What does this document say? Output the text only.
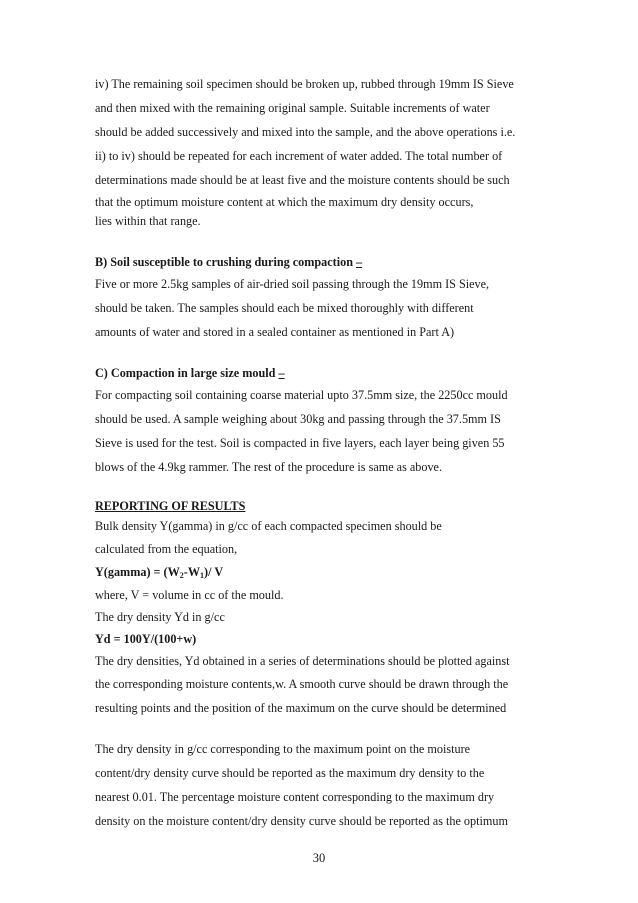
iv) The remaining soil specimen should be broken up, rubbed through 19mm IS Sieve
and then mixed with the remaining original sample. Suitable increments of water
should be added successively and mixed into the sample, and the above operations i.e.
ii) to iv) should be repeated for each increment of water added. The total number of
determinations made should be at least five and the moisture contents should be such
that the optimum moisture content at which the maximum dry density occurs,
lies within that range.
B) Soil susceptible to crushing during compaction –
Five or more 2.5kg samples of air-dried soil passing through the 19mm IS Sieve,
should be taken. The samples should each be mixed thoroughly with different
amounts of water and stored in a sealed container as mentioned in Part A)
C) Compaction in large size mould –
For compacting soil containing coarse material upto 37.5mm size, the 2250cc mould
should be used. A sample weighing about 30kg and passing through the 37.5mm IS
Sieve is used for the test. Soil is compacted in five layers, each layer being given 55
blows of the 4.9kg rammer. The rest of the procedure is same as above.
REPORTING OF RESULTS
Bulk density Y(gamma) in g/cc of each compacted specimen should be
calculated from the equation,
Y(gamma) = $(W_2-W_1)/$ V
where, V = volume in cc of the mould.
The dry density Yd in g/cc
Yd = 100Y/(100+w)
The dry densities, Yd obtained in a series of determinations should be plotted against
the corresponding moisture contents,w. A smooth curve should be drawn through the
resulting points and the position of the maximum on the curve should be determined
The dry density in g/cc corresponding to the maximum point on the moisture
content/dry density curve should be reported as the maximum dry density to the
nearest 0.01. The percentage moisture content corresponding to the maximum dry
density on the moisture content/dry density curve should be reported as the optimum
30
